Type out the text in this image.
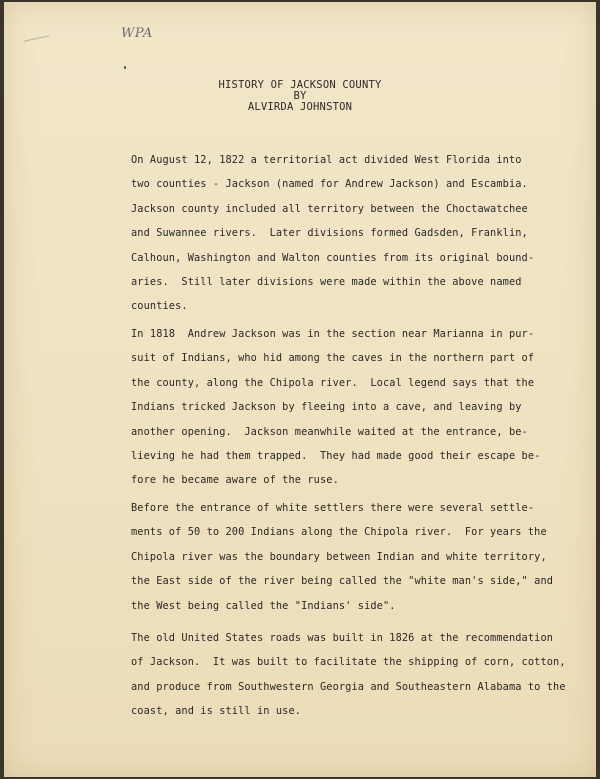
WPA
HISTORY OF JACKSON COUNTY
BY
ALVIRDA JOHNSTON
On August 12, 1822 a territorial act divided West Florida into
two counties - Jackson (named for Andrew Jackson) and Escambia.
Jackson county included all territory between the Choctawatchee
and Suwannee rivers.  Later divisions formed Gadsden, Franklin,
Calhoun, Washington and Walton counties from its original bound-
aries.  Still later divisions were made within the above named
counties.
In 1818  Andrew Jackson was in the section near Marianna in pur-
suit of Indians, who hid among the caves in the northern part of
the county, along the Chipola river.  Local legend says that the
Indians tricked Jackson by fleeing into a cave, and leaving by
another opening.  Jackson meanwhile waited at the entrance, be-
lieving he had them trapped.  They had made good their escape be-
fore he became aware of the ruse.
Before the entrance of white settlers there were several settle-
ments of 50 to 200 Indians along the Chipola river.  For years the
Chipola river was the boundary between Indian and white territory,
the East side of the river being called the "white man's side," and
the West being called the "Indians' side".
The old United States roads was built in 1826 at the recommendation
of Jackson.  It was built to facilitate the shipping of corn, cotton,
and produce from Southwestern Georgia and Southeastern Alabama to the
coast, and is still in use.
